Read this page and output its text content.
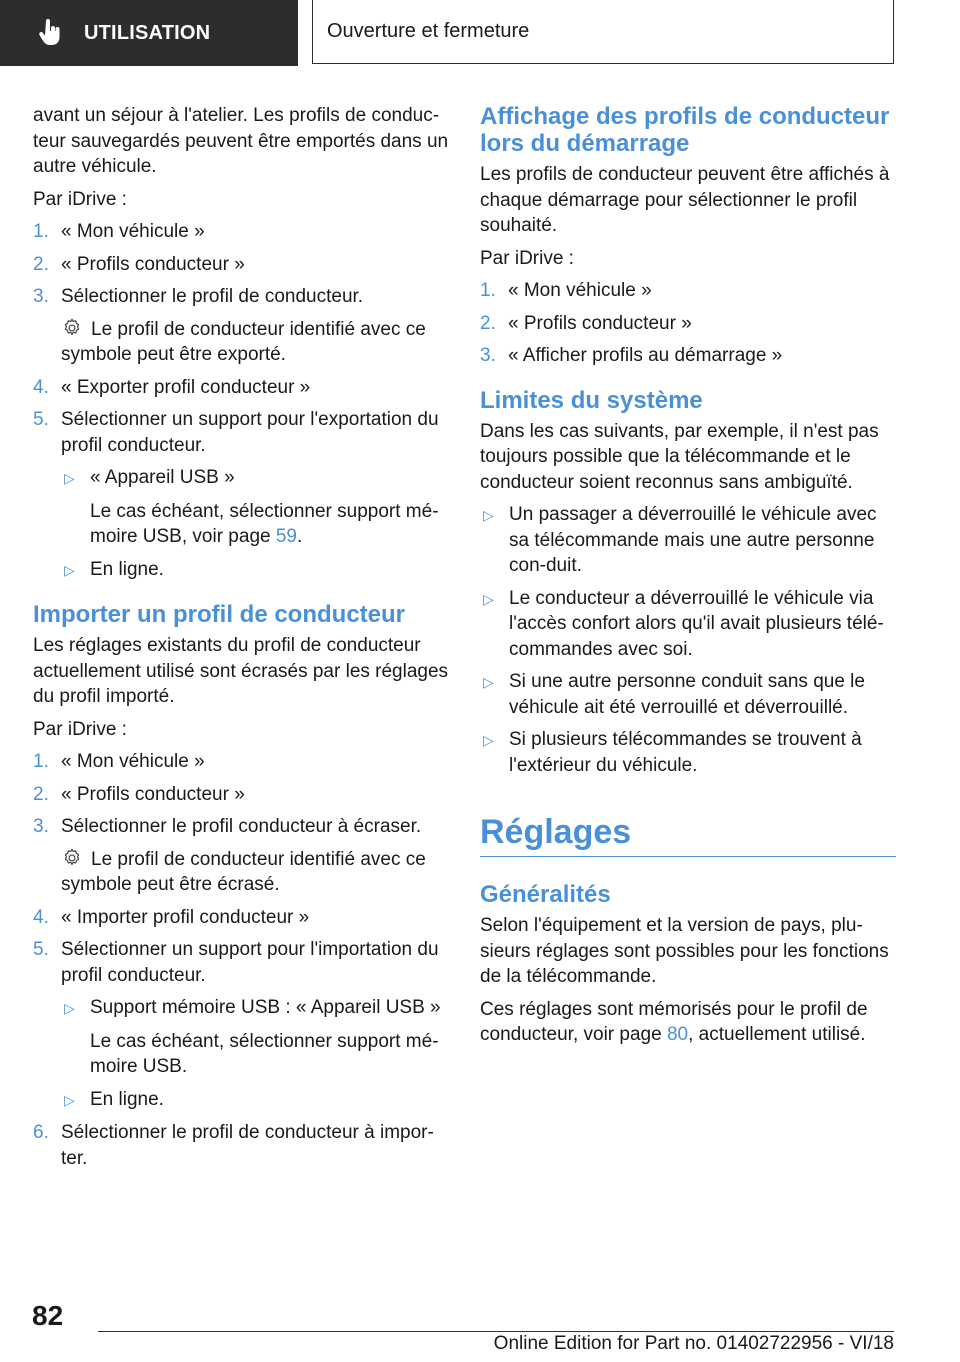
UTILISATION	Ouverture et fermeture

avant un séjour à l'atelier. Les profils de conduc‐teur sauvegardés peuvent être emportés dans un autre véhicule.

Par iDrive :

1. « Mon véhicule »
2. « Profils conducteur »
3. Sélectionner le profil de conducteur.
Le profil de conducteur identifié avec ce symbole peut être exporté.
4. « Exporter profil conducteur »
5. Sélectionner un support pour l'exportation du profil conducteur.
▷ « Appareil USB »
Le cas échéant, sélectionner support mé‐moire USB, voir page 59.
▷ En ligne.
Importer un profil de conducteur

Les réglages existants du profil de conducteur actuellement utilisé sont écrasés par les réglages du profil importé.

Par iDrive :

1. « Mon véhicule »
2. « Profils conducteur »
3. Sélectionner le profil conducteur à écraser.
Le profil de conducteur identifié avec ce symbole peut être écrasé.
4. « Importer profil conducteur »
5. Sélectionner un support pour l'importation du profil conducteur.
▷ Support mémoire USB : « Appareil USB »
Le cas échéant, sélectionner support mé‐moire USB.
▷ En ligne.
6. Sélectionner le profil de conducteur à impor‐ter.
Affichage des profils de conducteur lors du démarrage

Les profils de conducteur peuvent être affichés à chaque démarrage pour sélectionner le profil souhaité.

Par iDrive :

1. « Mon véhicule »
2. « Profils conducteur »
3. « Afficher profils au démarrage »
Limites du système

Dans les cas suivants, par exemple, il n'est pas toujours possible que la télécommande et le conducteur soient reconnus sans ambiguïté.

▷ Un passager a déverrouillé le véhicule avec sa télécommande mais une autre personne con‐duit.
▷ Le conducteur a déverrouillé le véhicule via l'accès confort alors qu'il avait plusieurs télé‐commandes avec soi.
▷ Si une autre personne conduit sans que le véhicule ait été verrouillé et déverrouillé.
▷ Si plusieurs télécommandes se trouvent à l'extérieur du véhicule.
Réglages
Généralités

Selon l'équipement et la version de pays, plu‐sieurs réglages sont possibles pour les fonctions de la télécommande.

Ces réglages sont mémorisés pour le profil de conducteur, voir page 80, actuellement utilisé.

82
Online Edition for Part no. 01402722956 - VI/18
